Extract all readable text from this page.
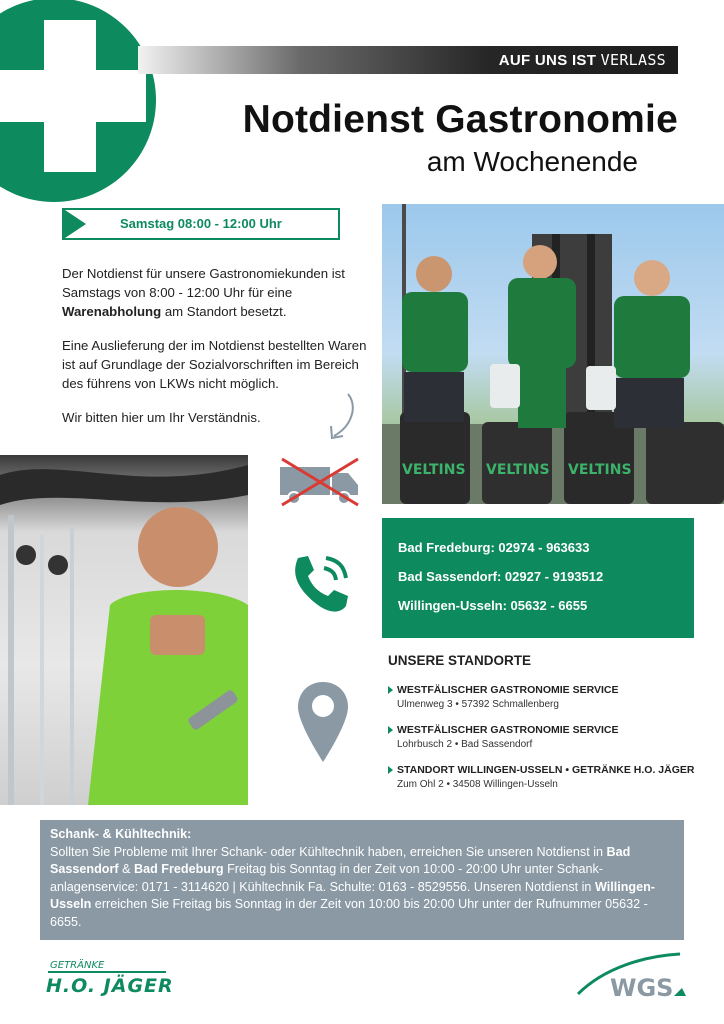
AUF UNS IST VERLASS
Notdienst Gastronomie
am Wochenende
Samstag 08:00 - 12:00 Uhr

Der Notdienst für unsere Gastronomiekunden ist Samstags von 8:00 - 12:00 Uhr für eine Warenabholung am Standort besetzt.

Eine Auslieferung der im Notdienst bestellten Waren ist auf Grundlage der Sozialvorschriften im Bereich des führens von LKWs nicht möglich.

Wir bitten hier um Ihr Verständnis.

VELTINS VELTINS VELTINS
Bad Fredeburg: 02974 - 963633
Bad Sassendorf: 02927 - 9193512
Willingen-Usseln: 05632 - 6655
UNSERE STANDORTE
WESTFÄLISCHER GASTRONOMIE SERVICE
Ulmenweg 3 • 57392 Schmallenberg
WESTFÄLISCHER GASTRONOMIE SERVICE
Lohrbusch 2 • Bad Sassendorf
STANDORT WILLINGEN-USSELN • GETRÄNKE H.O. JÄGER
Zum Ohl 2 • 34508 Willingen-Usseln
Schank- & Kühltechnik:
Sollten Sie Probleme mit Ihrer Schank- oder Kühltechnik haben, erreichen Sie unseren Notdienst in Bad Sassendorf & Bad Fredeburg Freitag bis Sonntag in der Zeit von 10:00 - 20:00 Uhr unter Schank-anlagenservice: 0171 - 3114620 | Kühltechnik Fa. Schulte: 0163 - 8529556. Unseren Notdienst in Willingen-Usseln erreichen Sie Freitag bis Sonntag in der Zeit von 10:00 bis 20:00 Uhr unter der Rufnummer 05632 - 6655.
GETRÄNKE
H.O. JÄGER	WGS
